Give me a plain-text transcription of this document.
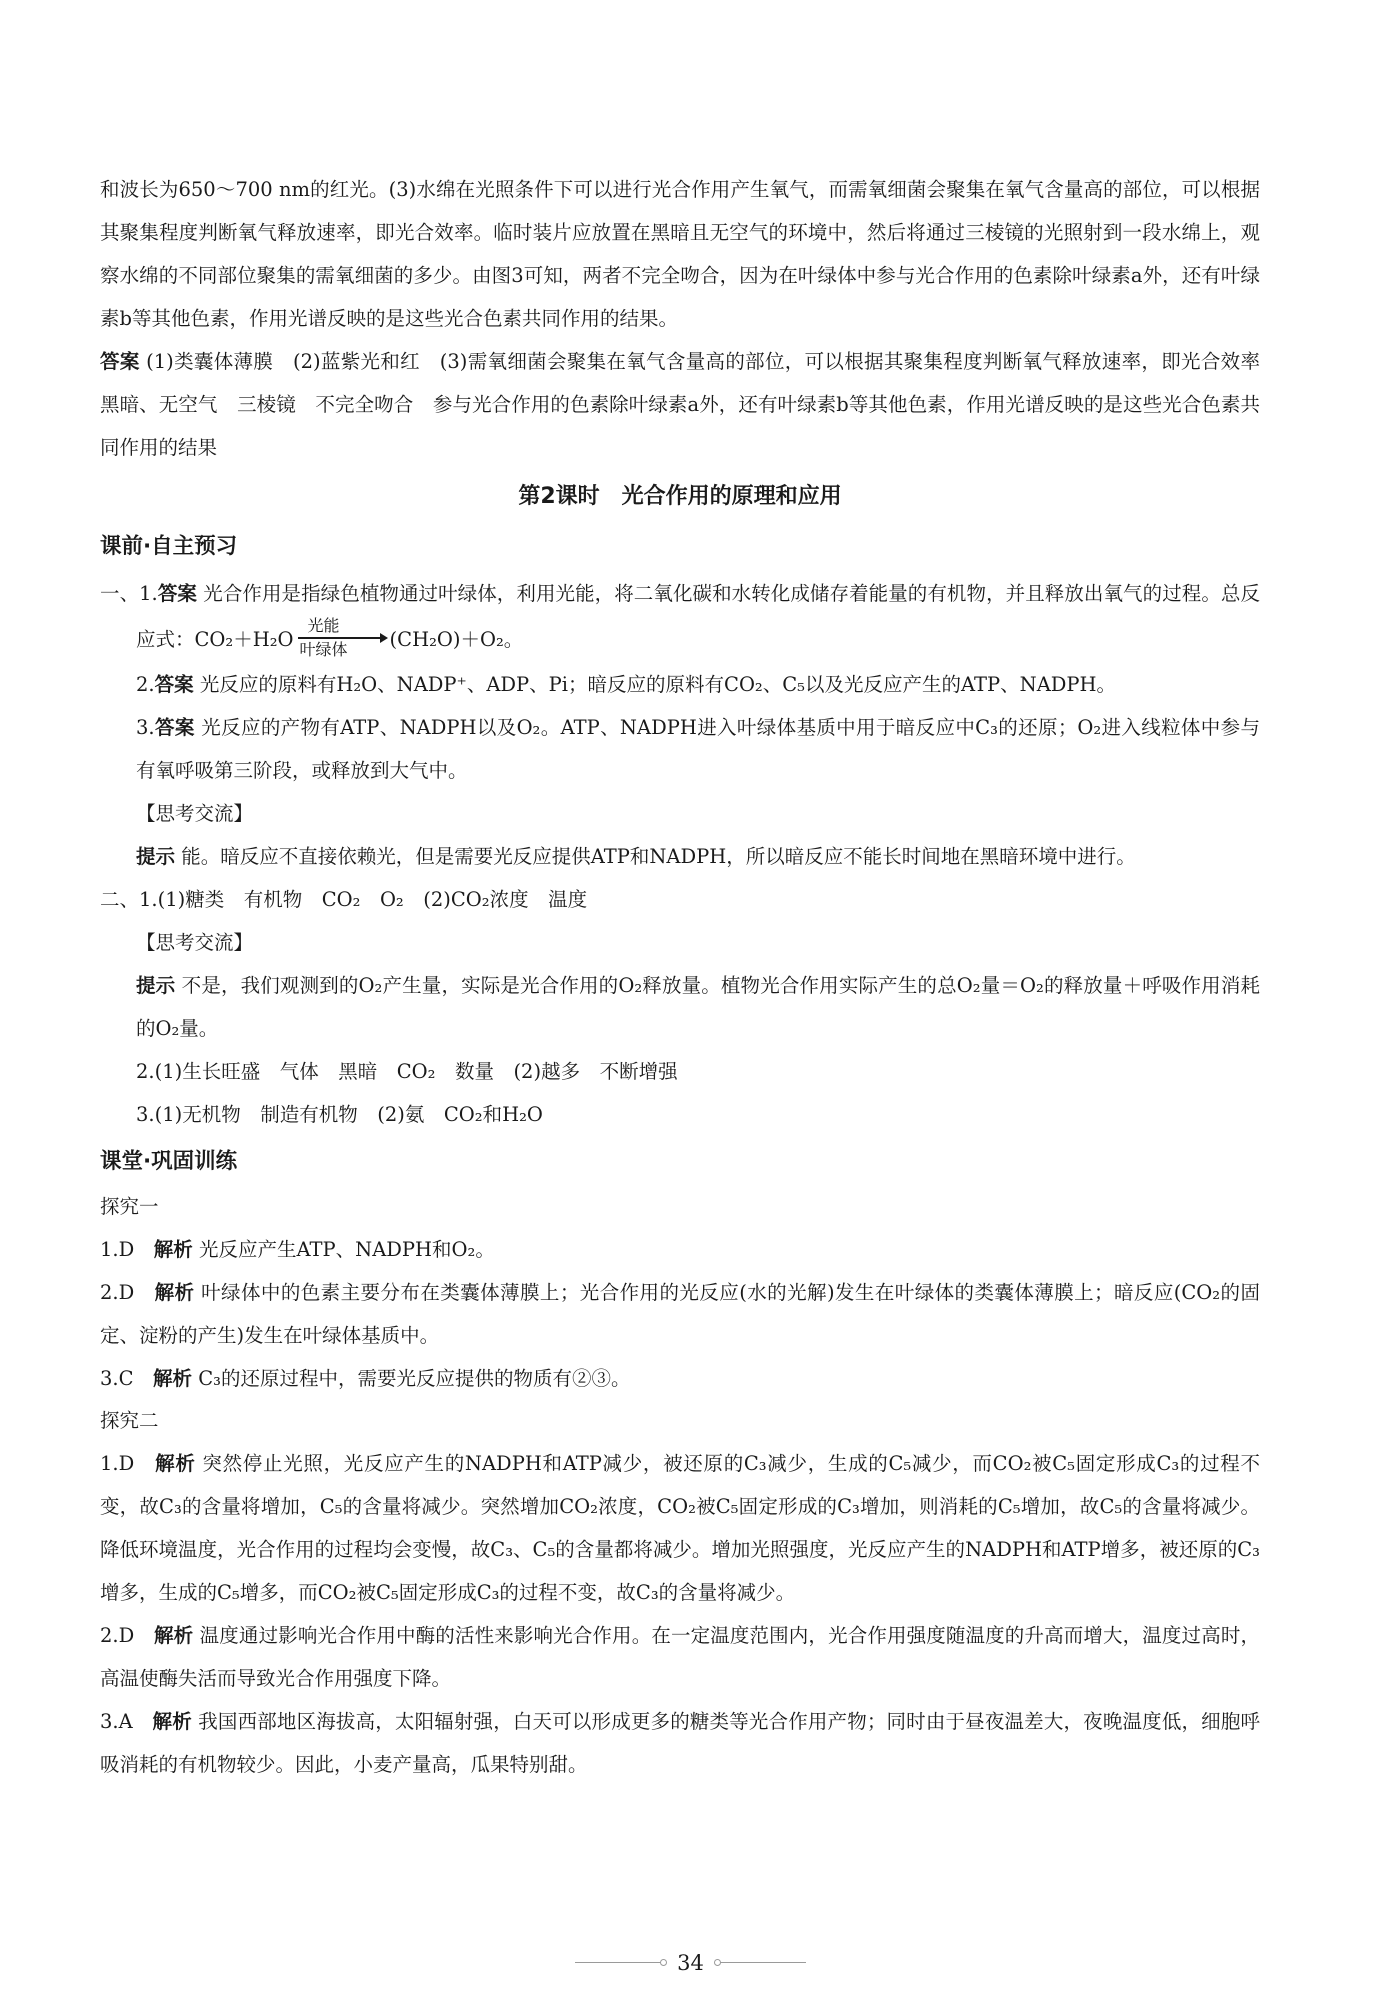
和波长为650～700 nm的红光。(3)水绵在光照条件下可以进行光合作用产生氧气，而需氧细菌会聚集在氧气含量高的部位，可以根据其聚集程度判断氧气释放速率，即光合效率。临时装片应放置在黑暗且无空气的环境中，然后将通过三棱镜的光照射到一段水绵上，观察水绵的不同部位聚集的需氧细菌的多少。由图3可知，两者不完全吻合，因为在叶绿体中参与光合作用的色素除叶绿素a外，还有叶绿素b等其他色素，作用光谱反映的是这些光合色素共同作用的结果。

答案 (1)类囊体薄膜　(2)蓝紫光和红　(3)需氧细菌会聚集在氧气含量高的部位，可以根据其聚集程度判断氧气释放速率，即光合效率　黑暗、无空气　三棱镜　不完全吻合　参与光合作用的色素除叶绿素a外，还有叶绿素b等其他色素，作用光谱反映的是这些光合色素共同作用的结果

第2课时　光合作用的原理和应用
课前·自主预习

一、1.答案 光合作用是指绿色植物通过叶绿体，利用光能，将二氧化碳和水转化成储存着能量的有机物，并且释放出氧气的过程。总反应式：CO₂＋H₂O
光能
叶绿体	(CH₂O)＋O₂。

2.答案 光反应的原料有H₂O、NADP⁺、ADP、Pi；暗反应的原料有CO₂、C₅以及光反应产生的ATP、NADPH。

3.答案 光反应的产物有ATP、NADPH以及O₂。ATP、NADPH进入叶绿体基质中用于暗反应中C₃的还原；O₂进入线粒体中参与有氧呼吸第三阶段，或释放到大气中。

【思考交流】

提示 能。暗反应不直接依赖光，但是需要光反应提供ATP和NADPH，所以暗反应不能长时间地在黑暗环境中进行。

二、1.(1)糖类　有机物　CO₂　O₂　(2)CO₂浓度　温度

【思考交流】

提示 不是，我们观测到的O₂产生量，实际是光合作用的O₂释放量。植物光合作用实际产生的总O₂量＝O₂的释放量＋呼吸作用消耗的O₂量。

2.(1)生长旺盛　气体　黑暗　CO₂　数量　(2)越多　不断增强

3.(1)无机物　制造有机物　(2)氨　CO₂和H₂O

课堂·巩固训练

探究一

1.D　 解析 光反应产生ATP、NADPH和O₂。

2.D　 解析 叶绿体中的色素主要分布在类囊体薄膜上；光合作用的光反应(水的光解)发生在叶绿体的类囊体薄膜上；暗反应(CO₂的固定、淀粉的产生)发生在叶绿体基质中。

3.C　 解析 C₃的还原过程中，需要光反应提供的物质有②③。

探究二

1.D　 解析 突然停止光照，光反应产生的NADPH和ATP减少，被还原的C₃减少，生成的C₅减少，而CO₂被C₅固定形成C₃的过程不变，故C₃的含量将增加，C₅的含量将减少。突然增加CO₂浓度，CO₂被C₅固定形成的C₃增加，则消耗的C₅增加，故C₅的含量将减少。降低环境温度，光合作用的过程均会变慢，故C₃、C₅的含量都将减少。增加光照强度，光反应产生的NADPH和ATP增多，被还原的C₃增多，生成的C₅增多，而CO₂被C₅固定形成C₃的过程不变，故C₃的含量将减少。

2.D　 解析 温度通过影响光合作用中酶的活性来影响光合作用。在一定温度范围内，光合作用强度随温度的升高而增大，温度过高时，高温使酶失活而导致光合作用强度下降。

3.A　 解析 我国西部地区海拔高，太阳辐射强，白天可以形成更多的糖类等光合作用产物；同时由于昼夜温差大，夜晚温度低，细胞呼吸消耗的有机物较少。因此，小麦产量高，瓜果特别甜。

34
